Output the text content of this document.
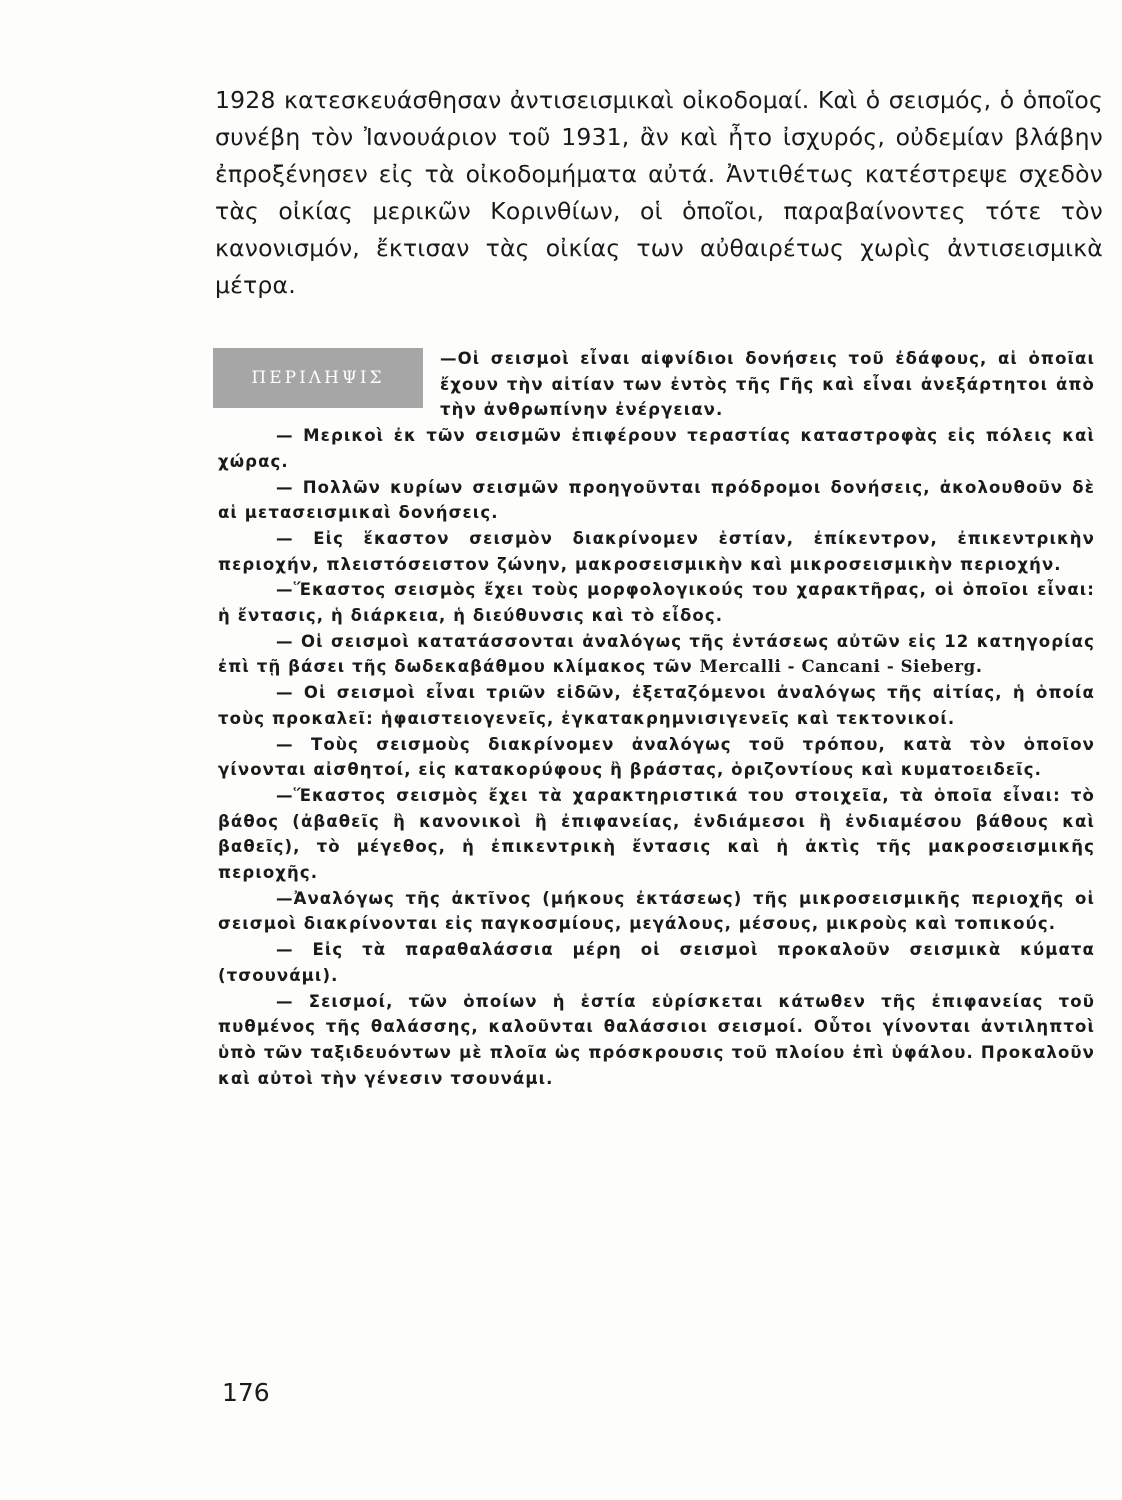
1928 κατεσκευάσθησαν ἀντισεισμικαὶ οἰκοδομαί. Καὶ ὁ σεισμός, ὁ ὁποῖος συνέβη τὸν Ἰανουάριον τοῦ 1931, ἂν καὶ ἦτο ἰσχυρός, οὐδεμίαν βλάβην ἐπροξένησεν εἰς τὰ οἰκοδομήματα αὐτά. Ἀντιθέτως κατέστρεψε σχεδὸν τὰς οἰκίας μερικῶν Κορινθίων, οἱ ὁποῖοι, παραβαίνοντες τότε τὸν κανονισμόν, ἔκτισαν τὰς οἰκίας των αὐθαιρέτως χωρὶς ἀντισεισμικὰ μέτρα.

ΠΕΡΙΛΗΨΙΣ

—Οἱ σεισμοὶ εἶναι αἰφνίδιοι δονήσεις τοῦ ἐδάφους, αἱ ὁποῖαι ἔχουν τὴν αἰτίαν των ἐντὸς τῆς Γῆς καὶ εἶναι ἀνεξάρτητοι ἀπὸ τὴν ἀνθρωπίνην ἐνέργειαν.

— Μερικοὶ ἐκ τῶν σεισμῶν ἐπιφέρουν τεραστίας καταστροφὰς εἰς πόλεις καὶ χώρας.

— Πολλῶν κυρίων σεισμῶν προηγοῦνται πρόδρομοι δονήσεις, ἀκολουθοῦν δὲ αἱ μετασεισμικαὶ δονήσεις.

— Εἰς ἕκαστον σεισμὸν διακρίνομεν ἑστίαν, ἐπίκεντρον, ἐπικεντρικὴν περιοχήν, πλειστόσειστον ζώνην, μακροσεισμικὴν καὶ μικροσεισμικὴν περιοχήν.

—Ἕκαστος σεισμὸς ἔχει τοὺς μορφολογικούς του χαρακτῆρας, οἱ ὁποῖοι εἶναι: ἡ ἔντασις, ἡ διάρκεια, ἡ διεύθυνσις καὶ τὸ εἶδος.

— Οἱ σεισμοὶ κατατάσσονται ἀναλόγως τῆς ἐντάσεως αὐτῶν εἰς 12 κατηγορίας ἐπὶ τῇ βάσει τῆς δωδεκαβάθμου κλίμακος τῶν Mercalli - Cancani - Sieberg.

— Οἱ σεισμοὶ εἶναι τριῶν εἰδῶν, ἐξεταζόμενοι ἀναλόγως τῆς αἰτίας, ἡ ὁποία τοὺς προκαλεῖ: ἡφαιστειογενεῖς, ἐγκατακρημνισιγενεῖς καὶ τεκτονικοί.

— Τοὺς σεισμοὺς διακρίνομεν ἀναλόγως τοῦ τρόπου, κατὰ τὸν ὁποῖον γίνονται αἰσθητοί, εἰς κατακορύφους ἢ βράστας, ὁριζοντίους καὶ κυματοειδεῖς.

—Ἕκαστος σεισμὸς ἔχει τὰ χαρακτηριστικά του στοιχεῖα, τὰ ὁποῖα εἶναι: τὸ βάθος (ἀβαθεῖς ἢ κανονικοὶ ἢ ἐπιφανείας, ἐνδιάμεσοι ἢ ἐνδιαμέσου βάθους καὶ βαθεῖς), τὸ μέγεθος, ἡ ἐπικεντρικὴ ἔντασις καὶ ἡ ἀκτὶς τῆς μακροσεισμικῆς περιοχῆς.

—Ἀναλόγως τῆς ἀκτῖνος (μήκους ἐκτάσεως) τῆς μικροσεισμικῆς περιοχῆς οἱ σεισμοὶ διακρίνονται εἰς παγκοσμίους, μεγάλους, μέσους, μικροὺς καὶ τοπικούς.

— Εἰς τὰ παραθαλάσσια μέρη οἱ σεισμοὶ προκαλοῦν σεισμικὰ κύματα (τσουνάμι).

— Σεισμοί, τῶν ὁποίων ἡ ἑστία εὑρίσκεται κάτωθεν τῆς ἐπιφανείας τοῦ πυθμένος τῆς θαλάσσης, καλοῦνται θαλάσσιοι σεισμοί. Οὗτοι γίνονται ἀντιληπτοὶ ὑπὸ τῶν ταξιδευόντων μὲ πλοῖα ὡς πρόσκρουσις τοῦ πλοίου ἐπὶ ὑφάλου. Προκαλοῦν καὶ αὐτοὶ τὴν γένεσιν τσουνάμι.

176
